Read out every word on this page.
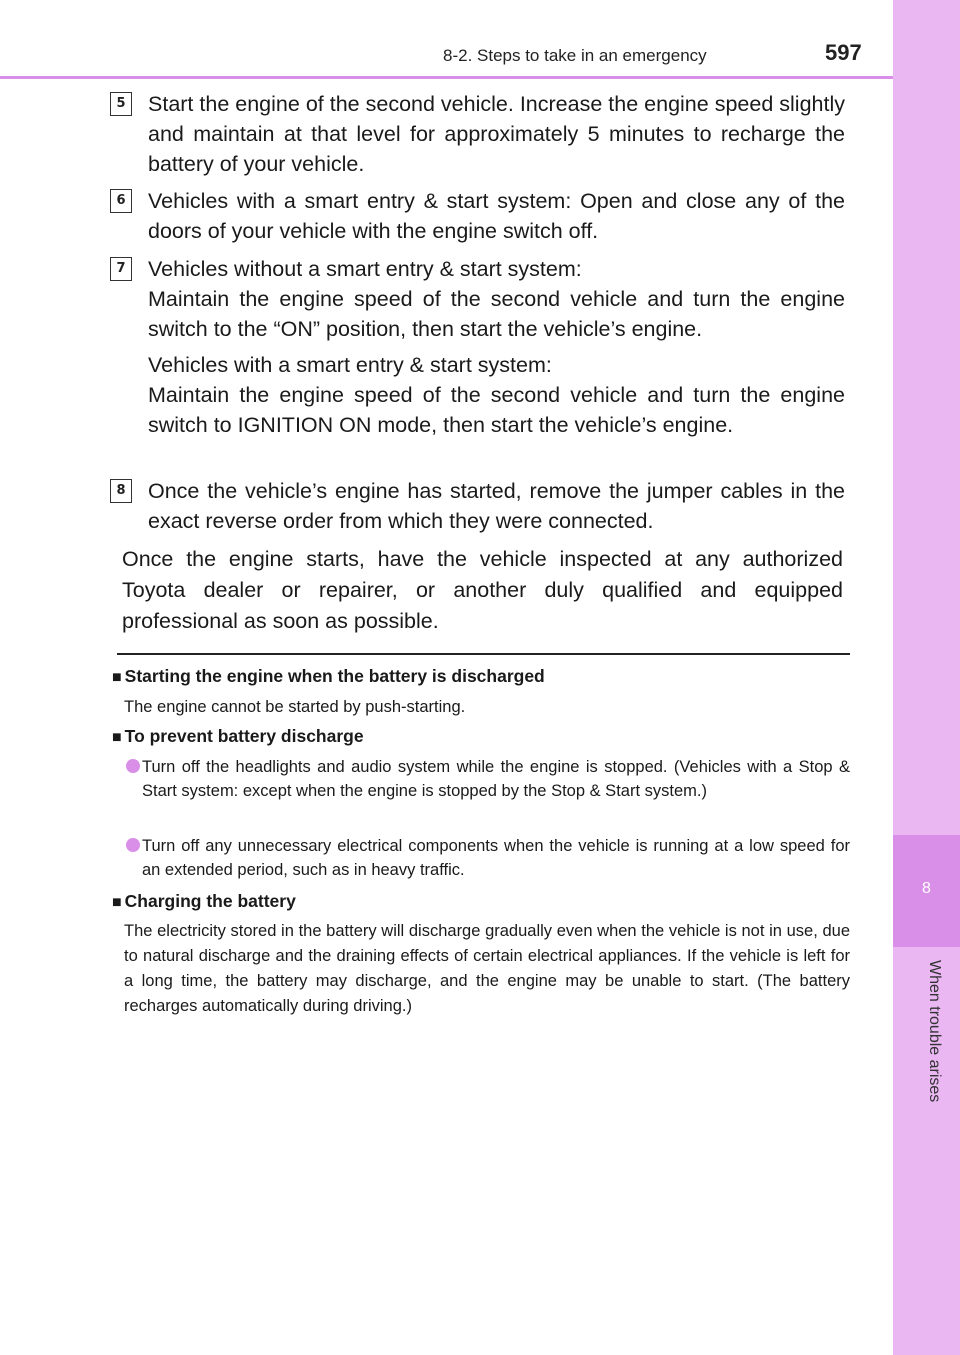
8
When trouble arises
8-2. Steps to take in an emergency	597
5	Start the engine of the second vehicle. Increase the engine speed slightly and maintain at that level for approximately 5 minutes to recharge the battery of your vehicle.

6	Vehicles with a smart entry & start system: Open and close any of the doors of your vehicle with the engine switch off.

7	Vehicles without a smart entry & start system:

Maintain the engine speed of the second vehicle and turn the engine switch to the “ON” position, then start the vehicle’s engine.

Vehicles with a smart entry & start system:

Maintain the engine speed of the second vehicle and turn the engine switch to IGNITION ON mode, then start the vehicle’s engine.

8	Once the vehicle’s engine has started, remove the jumper cables in the exact reverse order from which they were connected.

Once the engine starts, have the vehicle inspected at any authorized Toyota dealer or repairer, or another duly qualified and equipped professional as soon as possible.
■ Starting the engine when the battery is discharged
The engine cannot be started by push-starting.
■ To prevent battery discharge
Turn off the headlights and audio system while the engine is stopped. (Vehicles with a Stop & Start system: except when the engine is stopped by the Stop & Start system.)
Turn off any unnecessary electrical components when the vehicle is running at a low speed for an extended period, such as in heavy traffic.
■ Charging the battery
The electricity stored in the battery will discharge gradually even when the vehicle is not in use, due to natural discharge and the draining effects of certain electrical appliances. If the vehicle is left for a long time, the battery may discharge, and the engine may be unable to start. (The battery recharges automatically during driving.)
